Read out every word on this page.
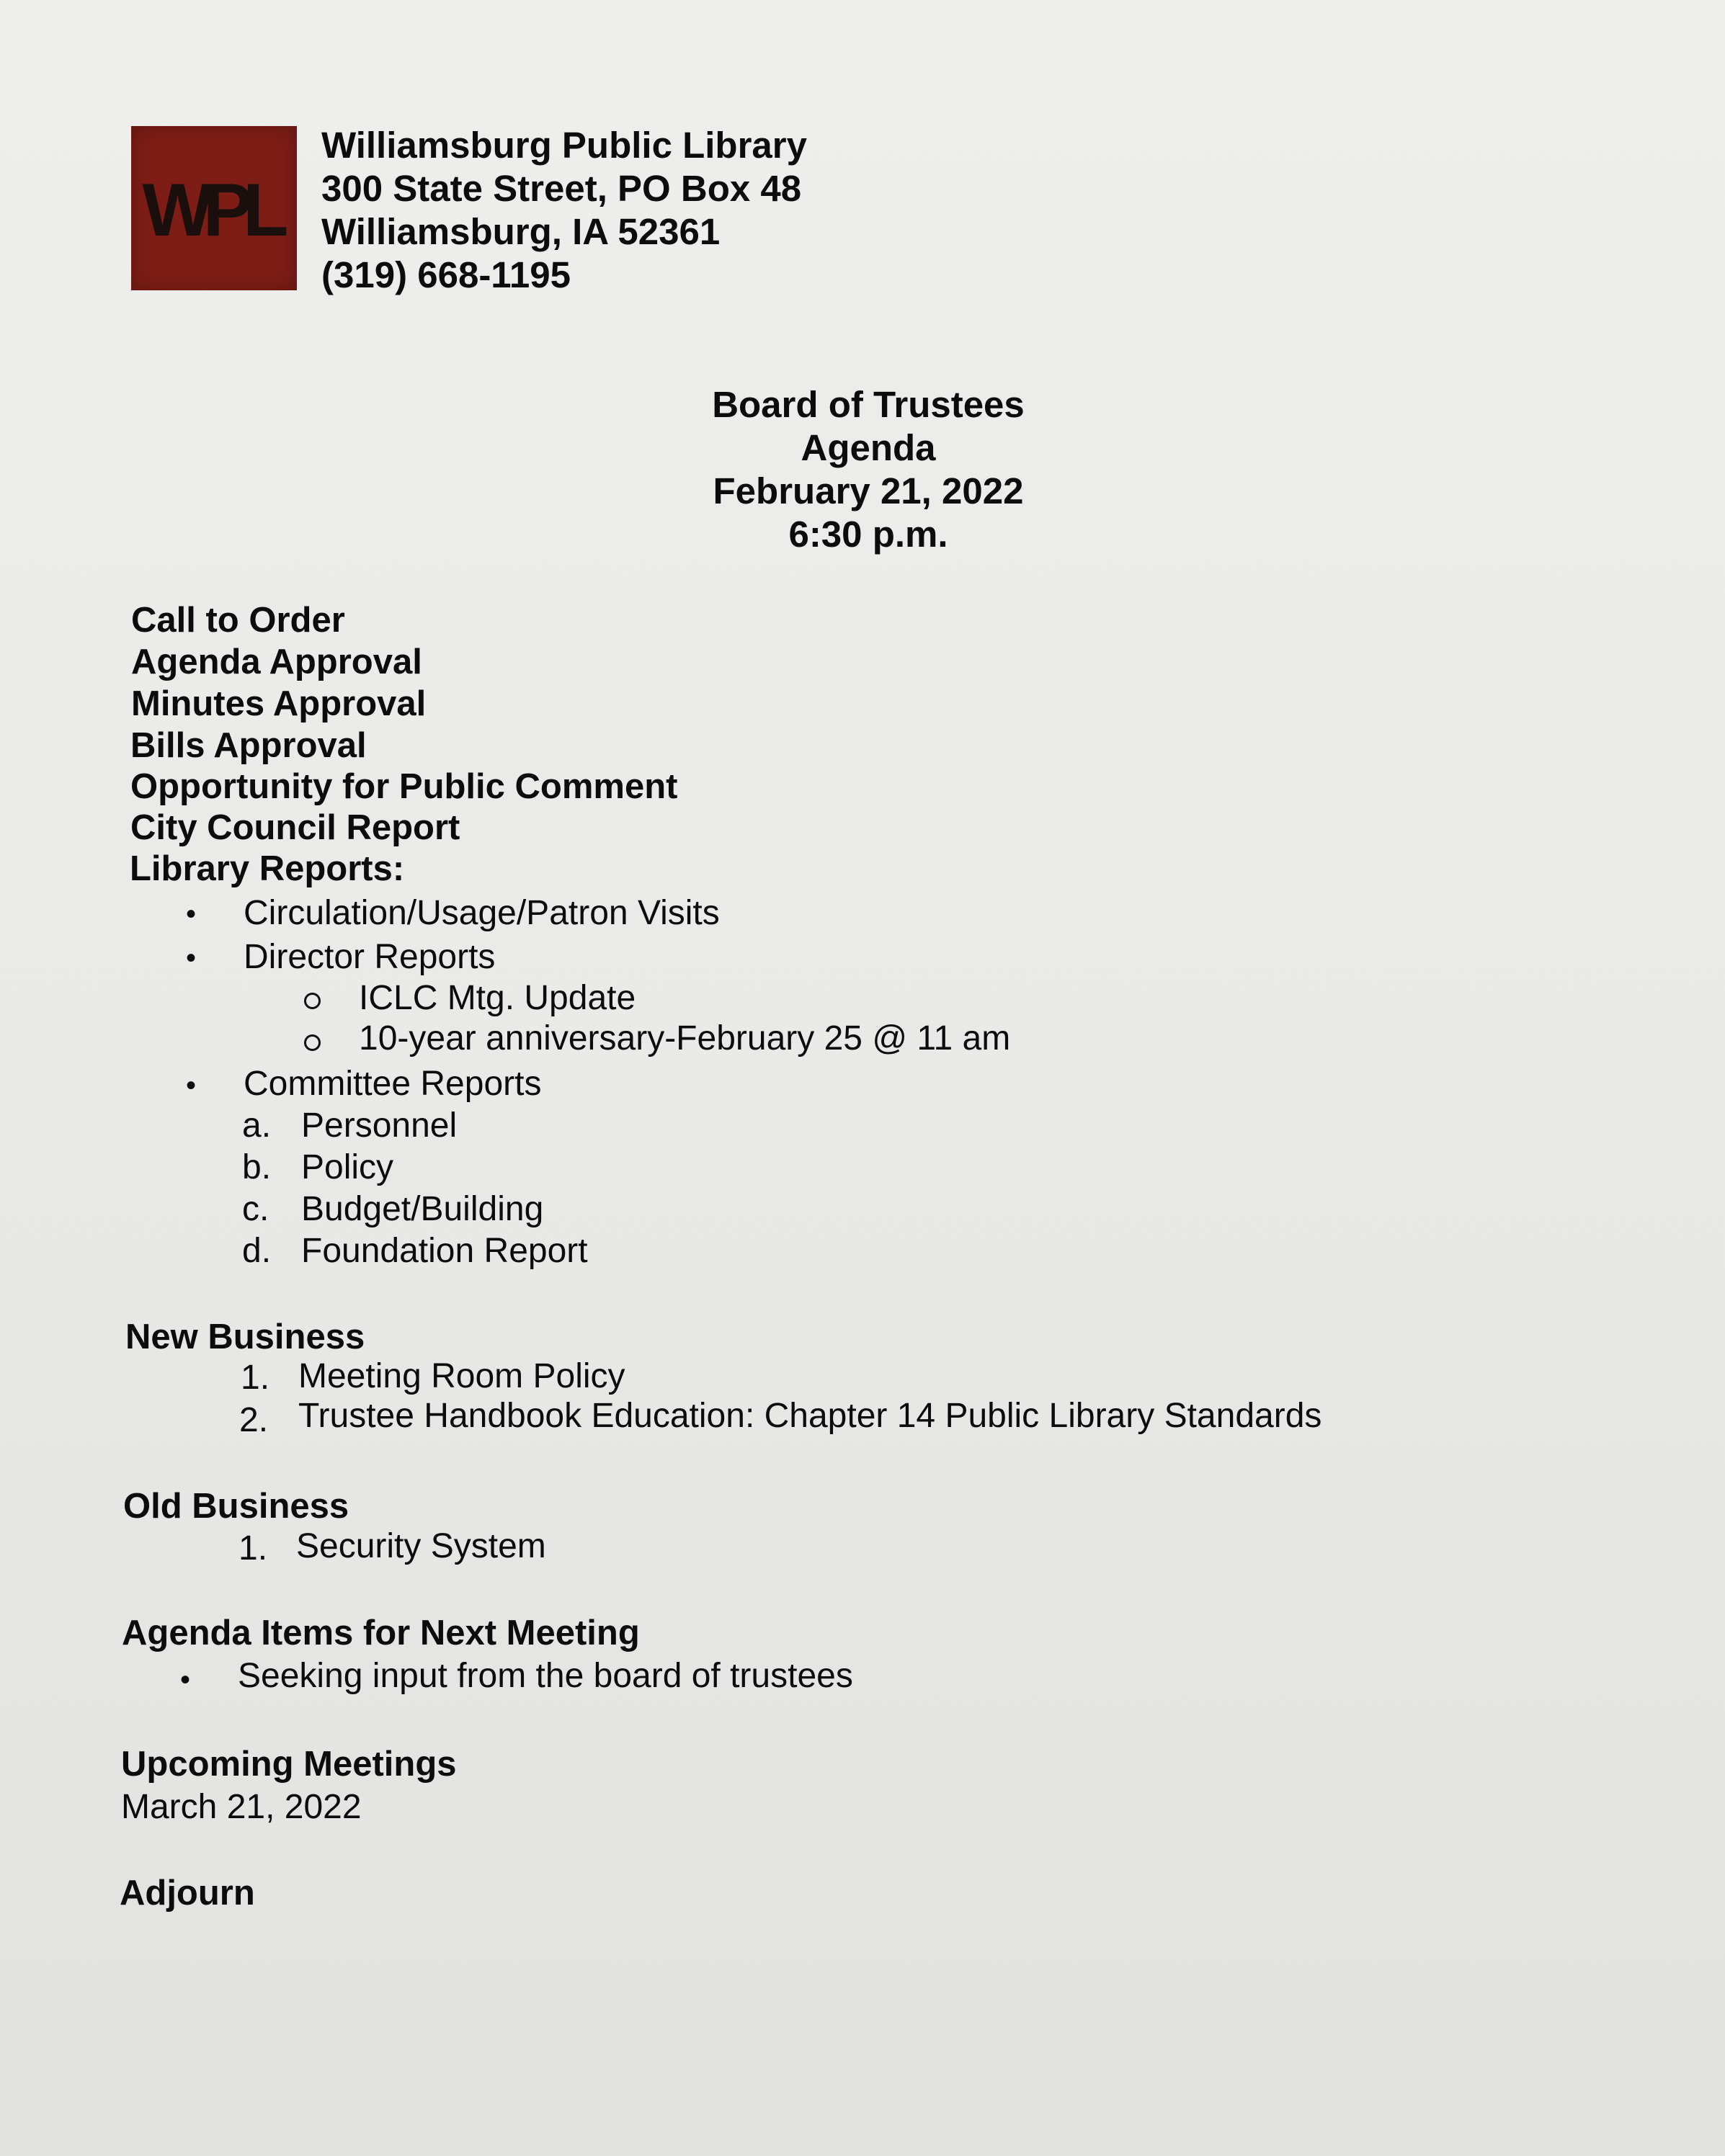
WPL
Williamsburg Public Library
300 State Street, PO Box 48
Williamsburg, IA 52361
(319) 668-1195
Board of Trustees
Agenda
February 21, 2022
6:30 p.m.
Call to Order
Agenda Approval
Minutes Approval
Bills Approval
Opportunity for Public Comment
City Council Report
Library Reports:
• Circulation/Usage/Patron Visits
• Director Reports
ICLC Mtg. Update
10-year anniversary-February 25 @ 11 am
• Committee Reports
a. Personnel
b. Policy
c. Budget/Building
d. Foundation Report
New Business
1. Meeting Room Policy
2. Trustee Handbook Education: Chapter 14 Public Library Standards
Old Business
1. Security System
Agenda Items for Next Meeting
• Seeking input from the board of trustees
Upcoming Meetings
March 21, 2022
Adjourn
